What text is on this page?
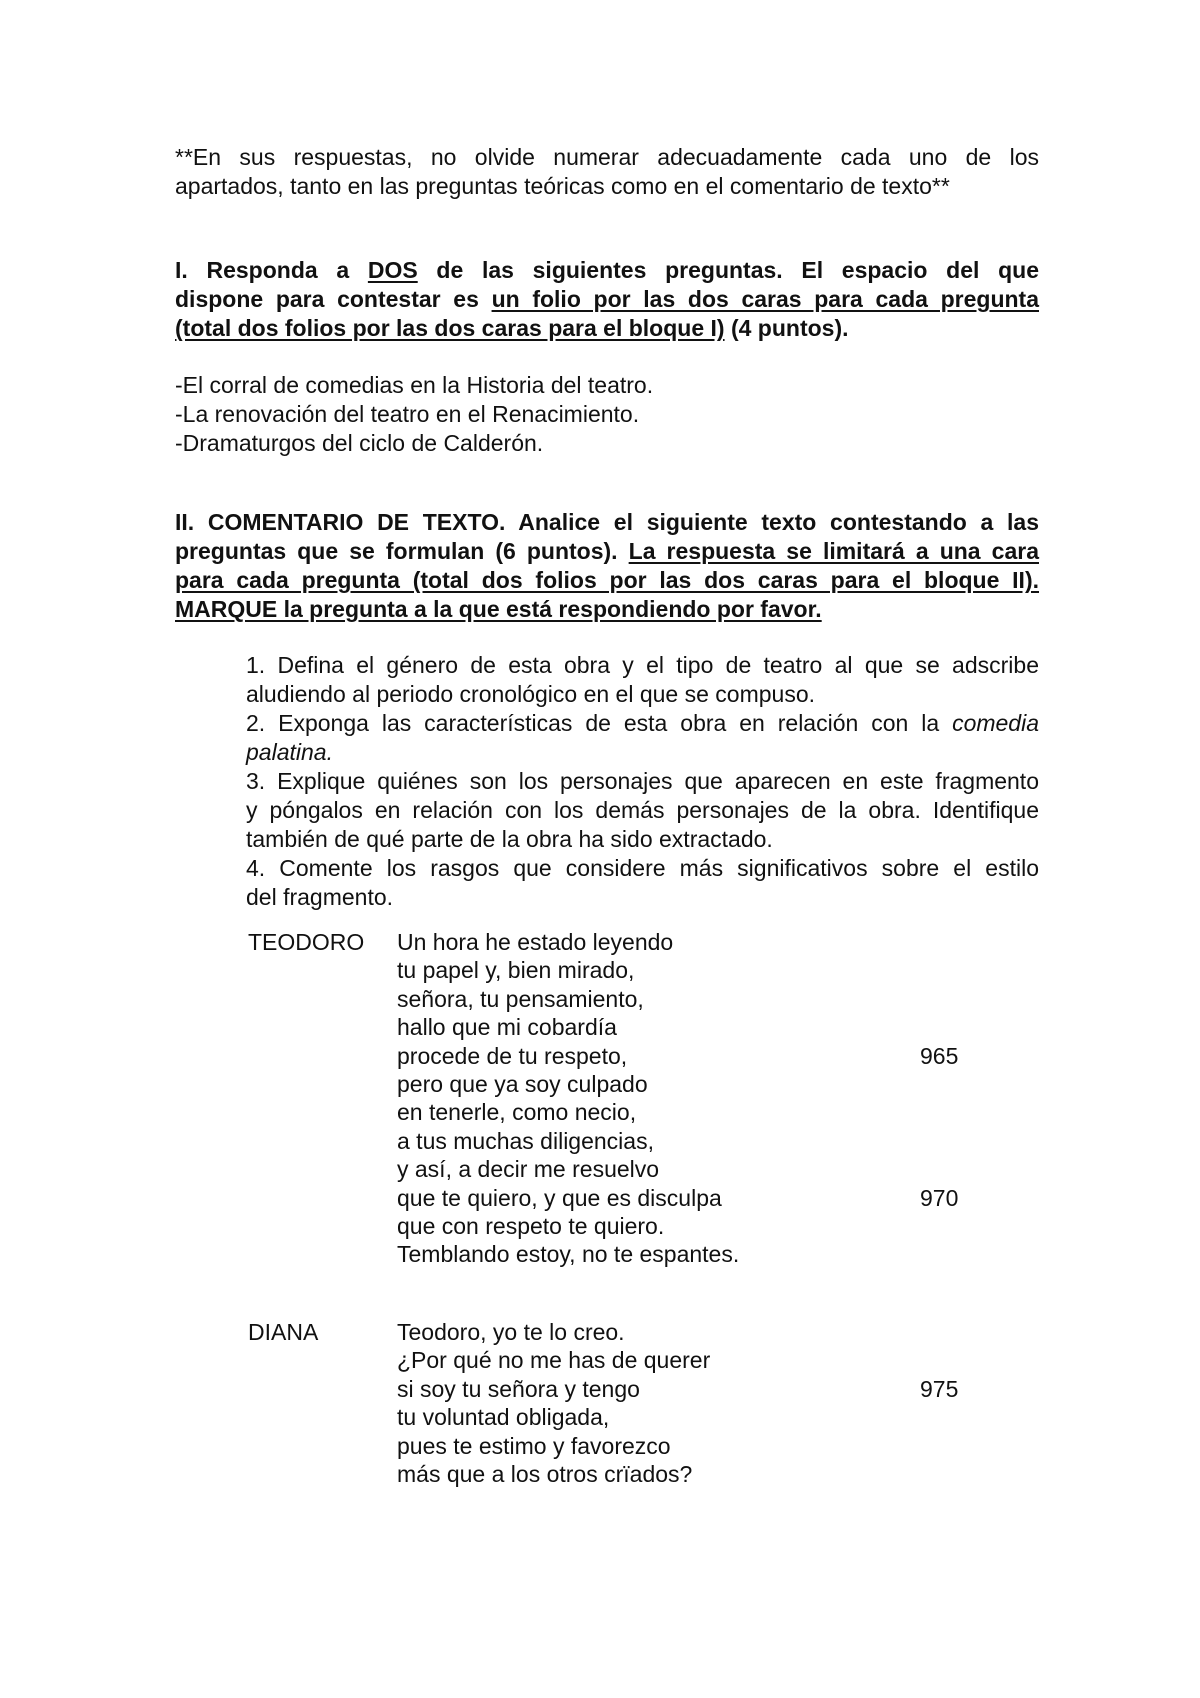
**En sus respuestas, no olvide numerar adecuadamente cada uno de los
apartados, tanto en las preguntas teóricas como en el comentario de texto**
I. Responda a DOS de las siguientes preguntas. El espacio del que
dispone para contestar es un folio por las dos caras para cada pregunta
(total dos folios por las dos caras para el bloque I) (4 puntos).
-El corral de comedias en la Historia del teatro.
-La renovación del teatro en el Renacimiento.
-Dramaturgos del ciclo de Calderón.
II. COMENTARIO DE TEXTO. Analice el siguiente texto contestando a las
preguntas que se formulan (6 puntos). La respuesta se limitará a una cara
para cada pregunta (total dos folios por las dos caras para el bloque II).
MARQUE la pregunta a la que está respondiendo por favor.
1. Defina el género de esta obra y el tipo de teatro al que se adscribe
aludiendo al periodo cronológico en el que se compuso.
2. Exponga las características de esta obra en relación con la comedia
palatina.
3. Explique quiénes son los personajes que aparecen en este fragmento
y póngalos en relación con los demás personajes de la obra. Identifique
también de qué parte de la obra ha sido extractado.
4. Comente los rasgos que considere más significativos sobre el estilo
del fragmento.
TEODORO Un hora he estado leyendo
tu papel y, bien mirado,
señora, tu pensamiento,
hallo que mi cobardía
procede de tu respeto,	965
pero que ya soy culpado
en tenerle, como necio,
a tus muchas diligencias,
y así, a decir me resuelvo
que te quiero, y que es disculpa	970
que con respeto te quiero.
Temblando estoy, no te espantes.
DIANA	Teodoro, yo te lo creo.
¿Por qué no me has de querer
si soy tu señora y tengo	975
tu voluntad obligada,
pues te estimo y favorezco
más que a los otros crïados?
